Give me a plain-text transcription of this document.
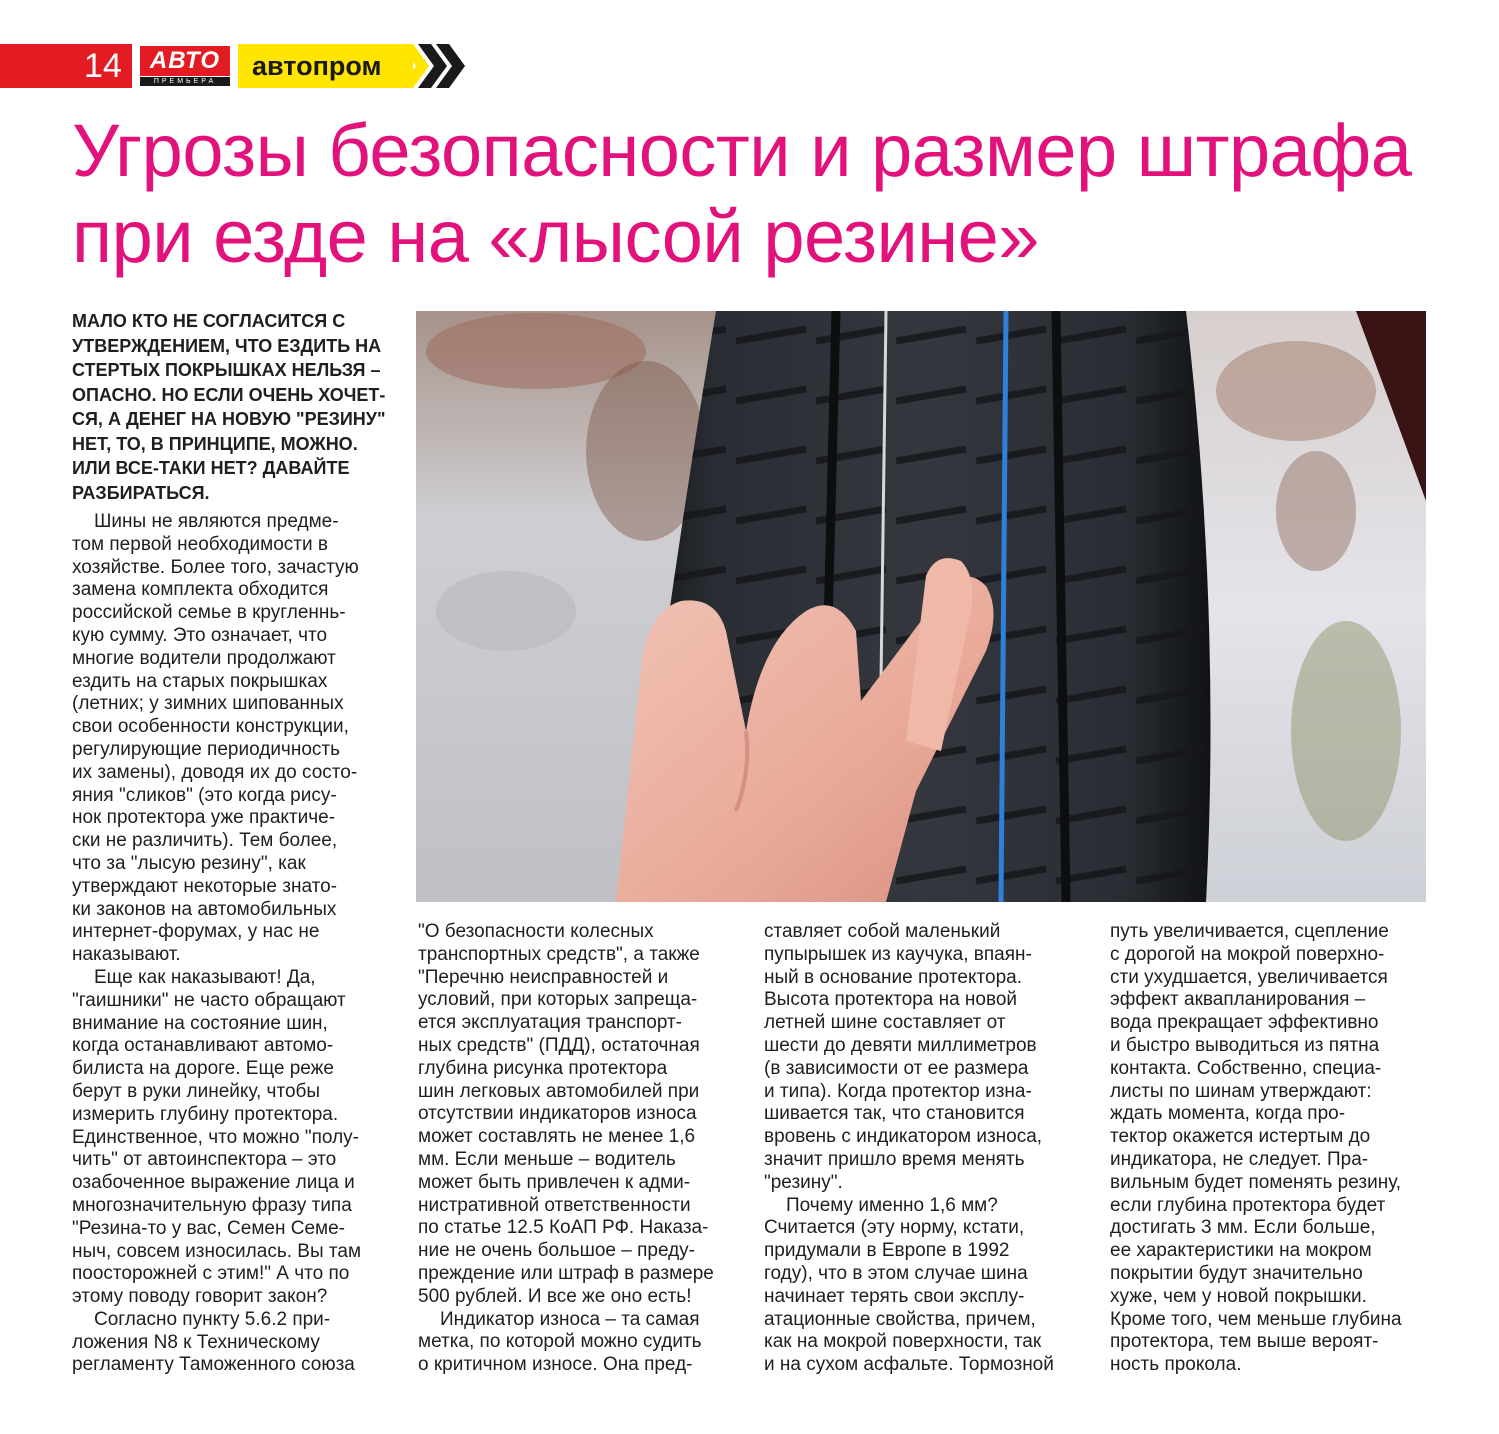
14	АВТО
ПРЕМЬЕРА
автопром
Угрозы безопасности и размер штрафа
при езде на «лысой резине»

МАЛО КТО НЕ СОГЛАСИТСЯ С
УТВЕРЖДЕНИЕМ, ЧТО ЕЗДИТЬ НА
СТЕРТЫХ ПОКРЫШКАХ НЕЛЬЗЯ –
ОПАСНО. НО ЕСЛИ ОЧЕНЬ ХОЧЕТ-
СЯ, А ДЕНЕГ НА НОВУЮ "РЕЗИНУ"
НЕТ, ТО, В ПРИНЦИПЕ, МОЖНО.
ИЛИ ВСЕ-ТАКИ НЕТ? ДАВАЙТЕ
РАЗБИРАТЬСЯ.

Шины не являются предме-
том первой необходимости в
хозяйстве. Более того, зачастую
замена комплекта обходится
российской семье в кругленнь-
кую сумму. Это означает, что
многие водители продолжают
ездить на старых покрышках
(летних; у зимних шипованных
свои особенности конструкции,
регулирующие периодичность
их замены), доводя их до состо-
яния "сликов" (это когда рису-
нок протектора уже практиче-
ски не различить). Тем более,
что за "лысую резину", как
утверждают некоторые знато-
ки законов на автомобильных
интернет-форумах, у нас не
наказывают.

Еще как наказывают! Да,
"гаишники" не часто обращают
внимание на состояние шин,
когда останавливают автомо-
билиста на дороге. Еще реже
берут в руки линейку, чтобы
измерить глубину протектора.
Единственное, что можно "полу-
чить" от автоинспектора – это
озабоченное выражение лица и
многозначительную фразу типа
"Резина-то у вас, Семен Семе-
ныч, совсем износилась. Вы там
поосторожней с этим!" А что по
этому поводу говорит закон?

Согласно пункту 5.6.2 при-
ложения N8 к Техническому
регламенту Таможенного союза

"О безопасности колесных
транспортных средств", а также
"Перечню неисправностей и
условий, при которых запреща-
ется эксплуатация транспорт-
ных средств" (ПДД), остаточная
глубина рисунка протектора
шин легковых автомобилей при
отсутствии индикаторов износа
может составлять не менее 1,6
мм. Если меньше – водитель
может быть привлечен к адми-
нистративной ответственности
по статье 12.5 КоАП РФ. Наказа-
ние не очень большое – преду-
преждение или штраф в размере
500 рублей. И все же оно есть!

Индикатор износа – та самая
метка, по которой можно судить
о критичном износе. Она пред-

ставляет собой маленький
пупырышек из каучука, впаян-
ный в основание протектора.
Высота протектора на новой
летней шине составляет от
шести до девяти миллиметров
(в зависимости от ее размера
и типа). Когда протектор изна-
шивается так, что становится
вровень с индикатором износа,
значит пришло время менять
"резину".

Почему именно 1,6 мм?
Считается (эту норму, кстати,
придумали в Европе в 1992
году), что в этом случае шина
начинает терять свои эксплу-
атационные свойства, причем,
как на мокрой поверхности, так
и на сухом асфальте. Тормозной

путь увеличивается, сцепление
с дорогой на мокрой поверхно-
сти ухудшается, увеличивается
эффект аквапланирования –
вода прекращает эффективно
и быстро выводиться из пятна
контакта. Собственно, специа-
листы по шинам утверждают:
ждать момента, когда про-
тектор окажется истертым до
индикатора, не следует. Пра-
вильным будет поменять резину,
если глубина протектора будет
достигать 3 мм. Если больше,
ее характеристики на мокром
покрытии будут значительно
хуже, чем у новой покрышки.
Кроме того, чем меньше глубина
протектора, тем выше вероят-
ность прокола.
